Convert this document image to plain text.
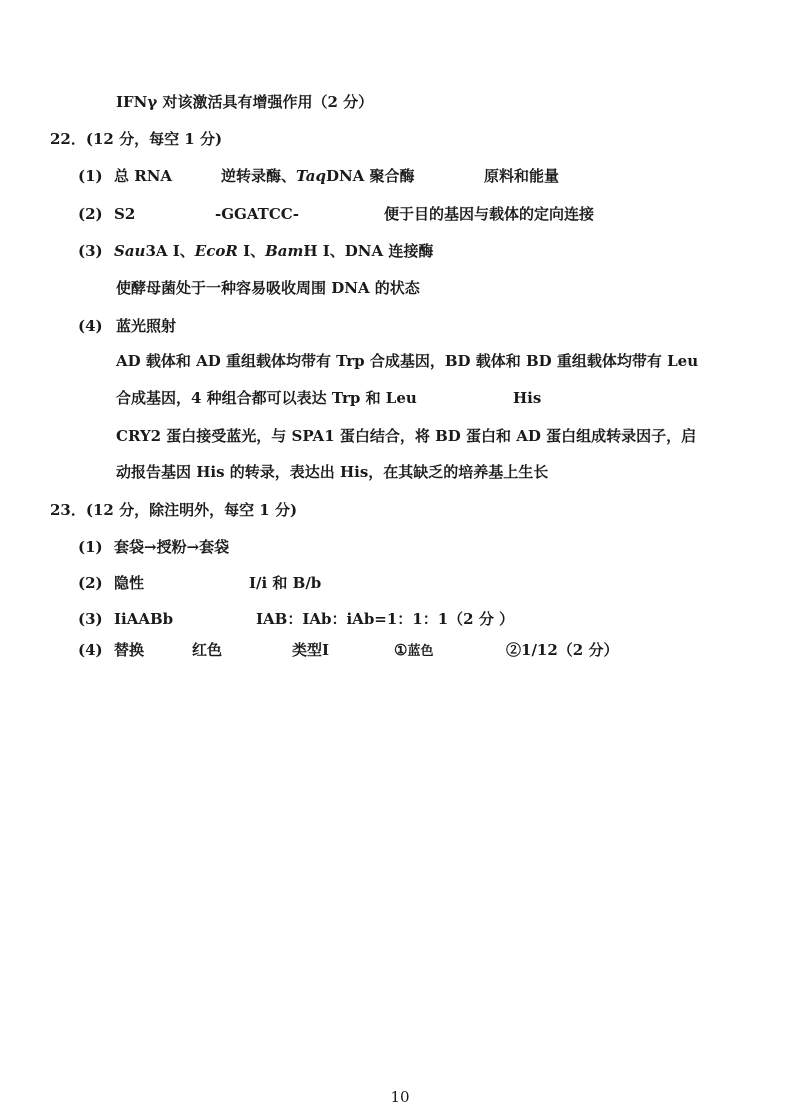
IFNγ 对该激活具有增强作用（2 分）
22．(12 分，每空 1 分)
(1) 总 RNA	逆转录酶、TaqDNA 聚合酶	原料和能量
(2) S2	-GGATCC-	便于目的基因与载体的定向连接
(3) Sau3A I、EcoR I、BamH I、DNA 连接酶
使酵母菌处于一种容易吸收周围 DNA 的状态
(4) 蓝光照射
AD 载体和 AD 重组载体均带有 Trp 合成基因，BD 载体和 BD 重组载体均带有 Leu
合成基因，4 种组合都可以表达 Trp 和 Leu	His
CRY2 蛋白接受蓝光，与 SPA1 蛋白结合，将 BD 蛋白和 AD 蛋白组成转录因子，启
动报告基因 His 的转录，表达出 His，在其缺乏的培养基上生长
23．(12 分，除注明外，每空 1 分)
(1) 套袋→授粉→套袋
(2) 隐性	I/i 和 B/b
(3) IiAABb	IAB：IAb：iAb=1：1：1（2 分 ）
(4) 替换	红色	类型I	①蓝色	②1/12（2 分）
10
